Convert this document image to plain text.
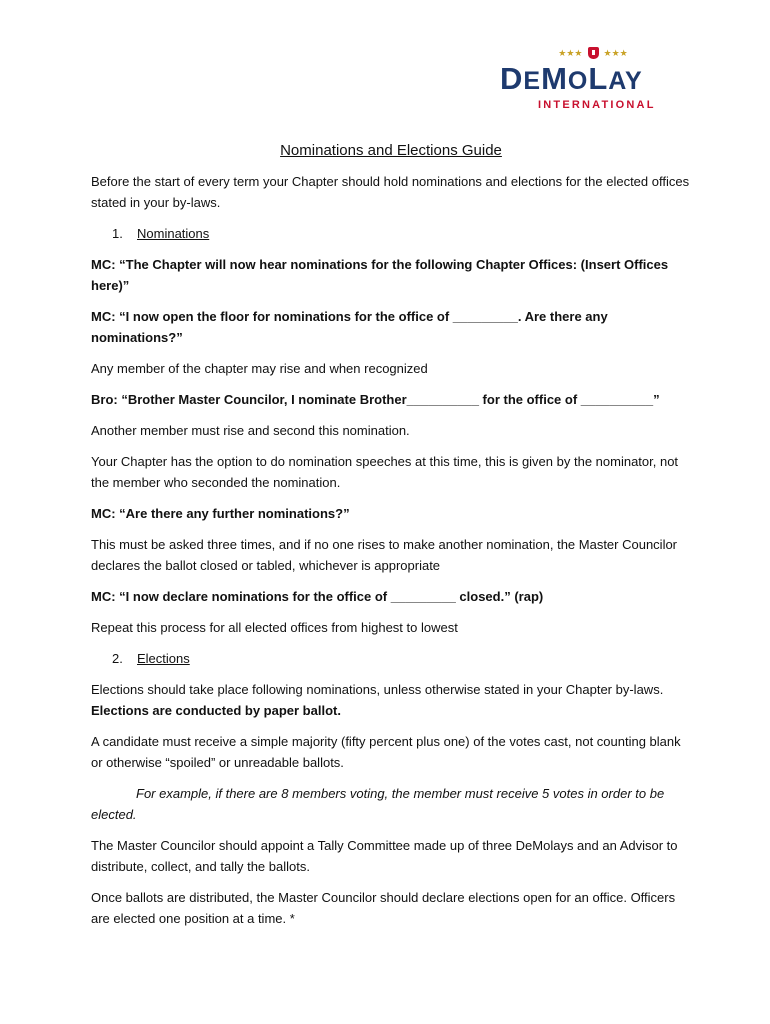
★★★ ★★★
DEMOLAY
INTERNATIONAL
Nominations and Elections Guide

Before the start of every term your Chapter should hold nominations and elections for the elected offices stated in your by-laws.

1. Nominations

MC: “The Chapter will now hear nominations for the following Chapter Offices: (Insert Offices here)”

MC: “I now open the floor for nominations for the office of _________. Are there any nominations?”

Any member of the chapter may rise and when recognized

Bro: “Brother Master Councilor, I nominate Brother__________ for the office of __________”

Another member must rise and second this nomination.

Your Chapter has the option to do nomination speeches at this time, this is given by the nominator, not the member who seconded the nomination.

MC: “Are there any further nominations?”

This must be asked three times, and if no one rises to make another nomination, the Master Councilor declares the ballot closed or tabled, whichever is appropriate

MC: “I now declare nominations for the office of _________ closed.” (rap)

Repeat this process for all elected offices from highest to lowest

2. Elections

Elections should take place following nominations, unless otherwise stated in your Chapter by-laws. Elections are conducted by paper ballot.

A candidate must receive a simple majority (fifty percent plus one) of the votes cast, not counting blank or otherwise “spoiled” or unreadable ballots.

For example, if there are 8 members voting, the member must receive 5 votes in order to be elected.

The Master Councilor should appoint a Tally Committee made up of three DeMolays and an Advisor to distribute, collect, and tally the ballots.

Once ballots are distributed, the Master Councilor should declare elections open for an office. Officers are elected one position at a time. *
